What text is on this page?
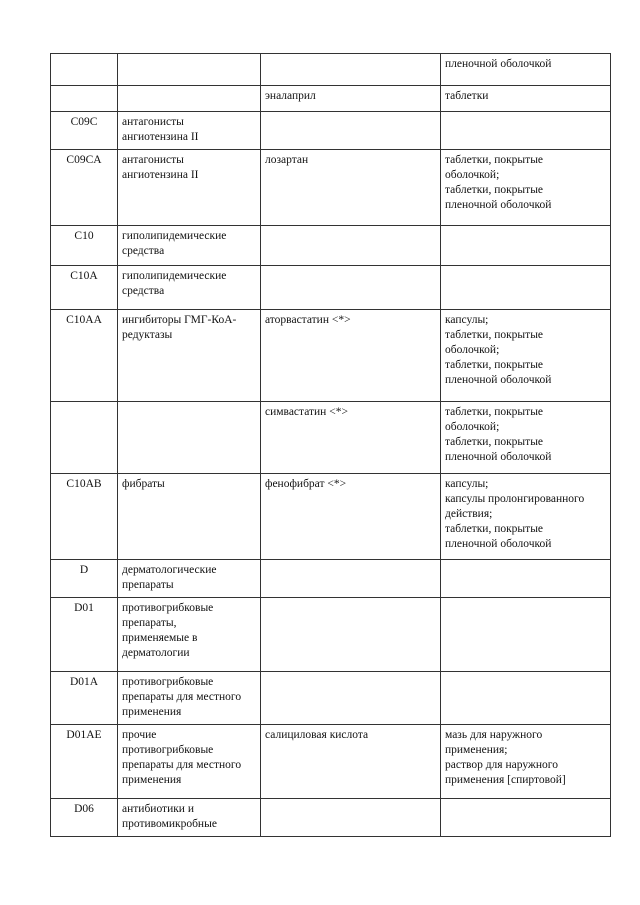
			пленочной оболочкой

		эналаприл	таблетки

C09C	антагонисты
ангиотензина II		

C09CA	антагонисты
ангиотензина II	лозартан	таблетки, покрытые
оболочкой;
таблетки, покрытые
пленочной оболочкой

C10	гиполипидемические
средства		

C10A	гиполипидемические
средства		

C10AA	ингибиторы ГМГ-КоА-
редуктазы	аторвастатин <*>	капсулы;
таблетки, покрытые
оболочкой;
таблетки, покрытые
пленочной оболочкой

		симвастатин <*>	таблетки, покрытые
оболочкой;
таблетки, покрытые
пленочной оболочкой

C10AB	фибраты	фенофибрат <*>	капсулы;
капсулы пролонгированного
действия;
таблетки, покрытые
пленочной оболочкой

D	дерматологические
препараты		

D01	противогрибковые
препараты,
применяемые в
дерматологии		

D01A	противогрибковые
препараты для местного
применения		

D01AE	прочие
противогрибковые
препараты для местного
применения	салициловая кислота	мазь для наружного
применения;
раствор для наружного
применения [спиртовой]

D06	антибиотики и
противомикробные		
